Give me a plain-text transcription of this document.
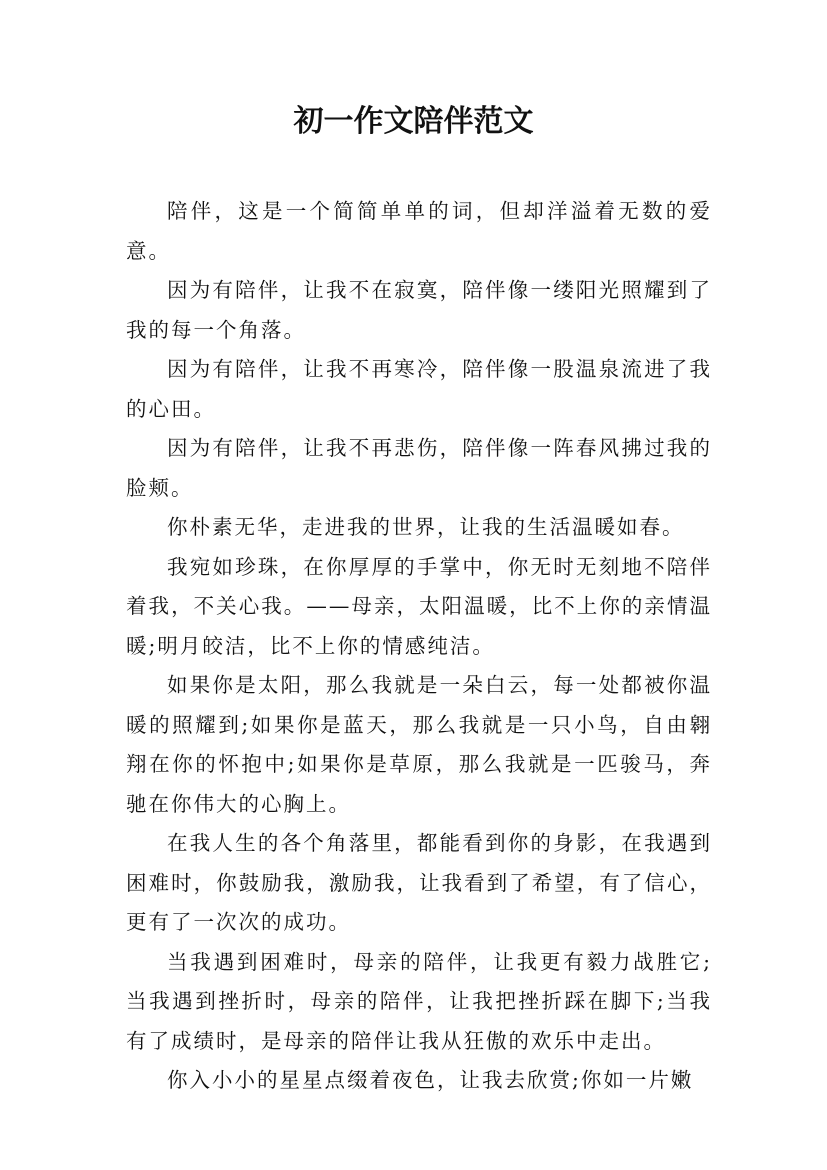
初一作文陪伴范文

陪伴，这是一个简简单单的词，但却洋溢着无数的爱意。

因为有陪伴，让我不在寂寞，陪伴像一缕阳光照耀到了我的每一个角落。

因为有陪伴，让我不再寒冷，陪伴像一股温泉流进了我的心田。

因为有陪伴，让我不再悲伤，陪伴像一阵春风拂过我的脸颊。

你朴素无华，走进我的世界，让我的生活温暖如春。

我宛如珍珠，在你厚厚的手掌中，你无时无刻地不陪伴着我，不关心我。——母亲，太阳温暖，比不上你的亲情温暖;明月皎洁，比不上你的情感纯洁。

如果你是太阳，那么我就是一朵白云，每一处都被你温暖的照耀到;如果你是蓝天，那么我就是一只小鸟，自由翱翔在你的怀抱中;如果你是草原，那么我就是一匹骏马，奔驰在你伟大的心胸上。

在我人生的各个角落里，都能看到你的身影，在我遇到困难时，你鼓励我，激励我，让我看到了希望，有了信心，更有了一次次的成功。

当我遇到困难时，母亲的陪伴，让我更有毅力战胜它;当我遇到挫折时，母亲的陪伴，让我把挫折踩在脚下;当我有了成绩时，是母亲的陪伴让我从狂傲的欢乐中走出。

你入小小的星星点缀着夜色，让我去欣赏;你如一片嫩
